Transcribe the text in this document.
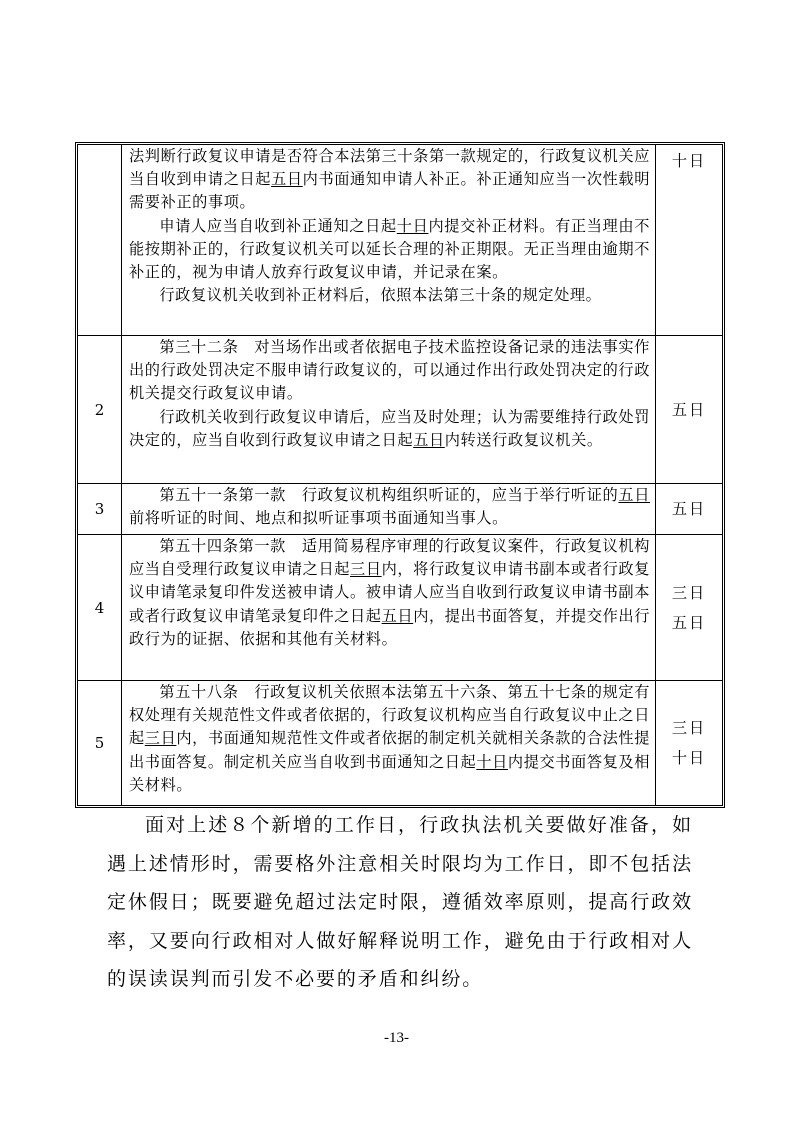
法判断行政复议申请是否符合本法第三十条第一款规定的，行政复议机关应当自收到申请之日起五日内书面通知申请人补正。补正通知应当一次性载明需要补正的事项。

申请人应当自收到补正通知之日起十日内提交补正材料。有正当理由不能按期补正的，行政复议机关可以延长合理的补正期限。无正当理由逾期不补正的，视为申请人放弃行政复议申请，并记录在案。

行政复议机关收到补正材料后，依照本法第三十条的规定处理。

十日
2

第三十二条　对当场作出或者依据电子技术监控设备记录的违法事实作出的行政处罚决定不服申请行政复议的，可以通过作出行政处罚决定的行政机关提交行政复议申请。

行政机关收到行政复议申请后，应当及时处理；认为需要维持行政处罚决定的，应当自收到行政复议申请之日起五日内转送行政复议机关。

五日
3

第五十一条第一款　行政复议机构组织听证的，应当于举行听证的五日前将听证的时间、地点和拟听证事项书面通知当事人。

五日
4

第五十四条第一款　适用简易程序审理的行政复议案件，行政复议机构应当自受理行政复议申请之日起三日内，将行政复议申请书副本或者行政复议申请笔录复印件发送被申请人。被申请人应当自收到行政复议申请书副本或者行政复议申请笔录复印件之日起五日内，提出书面答复，并提交作出行政行为的证据、依据和其他有关材料。

三日
五日
5

第五十八条　行政复议机关依照本法第五十六条、第五十七条的规定有权处理有关规范性文件或者依据的，行政复议机构应当自行政复议中止之日起三日内，书面通知规范性文件或者依据的制定机关就相关条款的合法性提出书面答复。制定机关应当自收到书面通知之日起十日内提交书面答复及相关材料。

三日
十日

面对上述８个新增的工作日，行政执法机关要做好准备，如遇上述情形时，需要格外注意相关时限均为工作日，即不包括法定休假日；既要避免超过法定时限，遵循效率原则，提高行政效率，又要向行政相对人做好解释说明工作，避免由于行政相对人的误读误判而引发不必要的矛盾和纠纷。

-13-
